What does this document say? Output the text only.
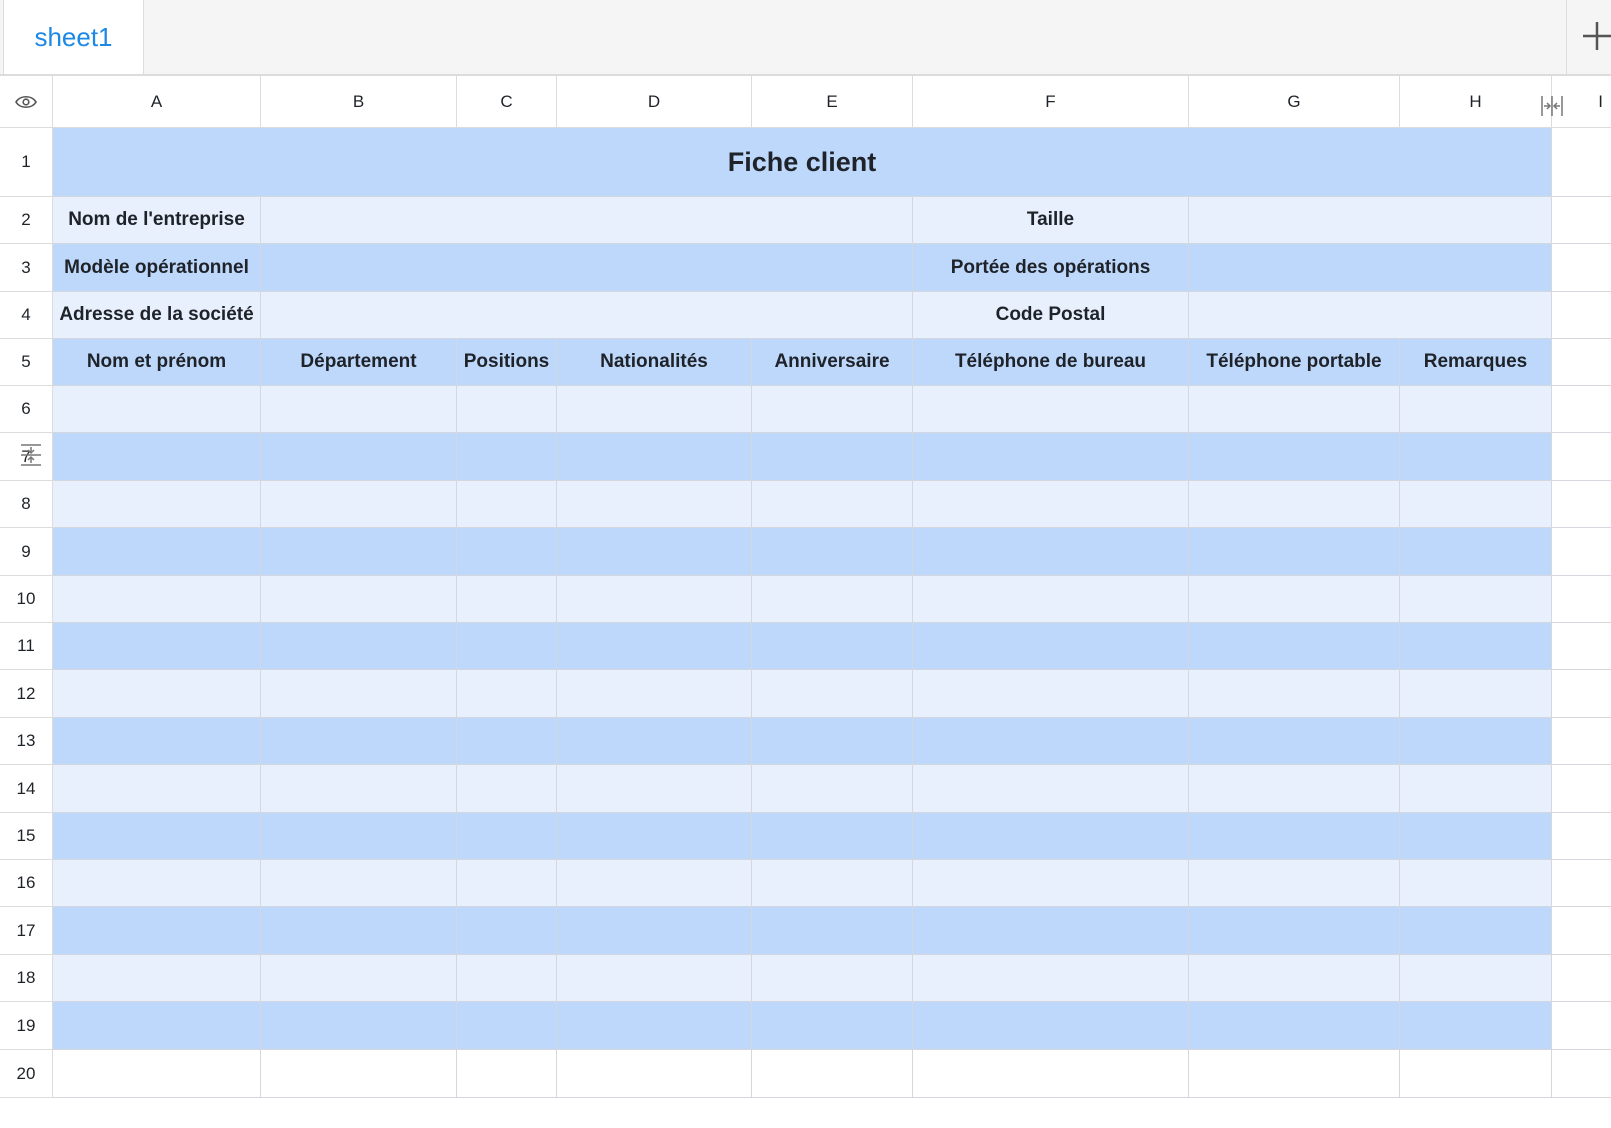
sheet1
A	B	C	D	E	F	G	H	I
1
2
3
4
5
6
7
8
9
10
11
12
13
14
15
16
17
18
19
20
Fiche client
Nom de l'entreprise	Taille
Modèle opérationnel	Portée des opérations
Adresse de la société	Code Postal
Nom et prénom	Département	Positions	Nationalités	Anniversaire	Téléphone de bureau	Téléphone portable	Remarques
